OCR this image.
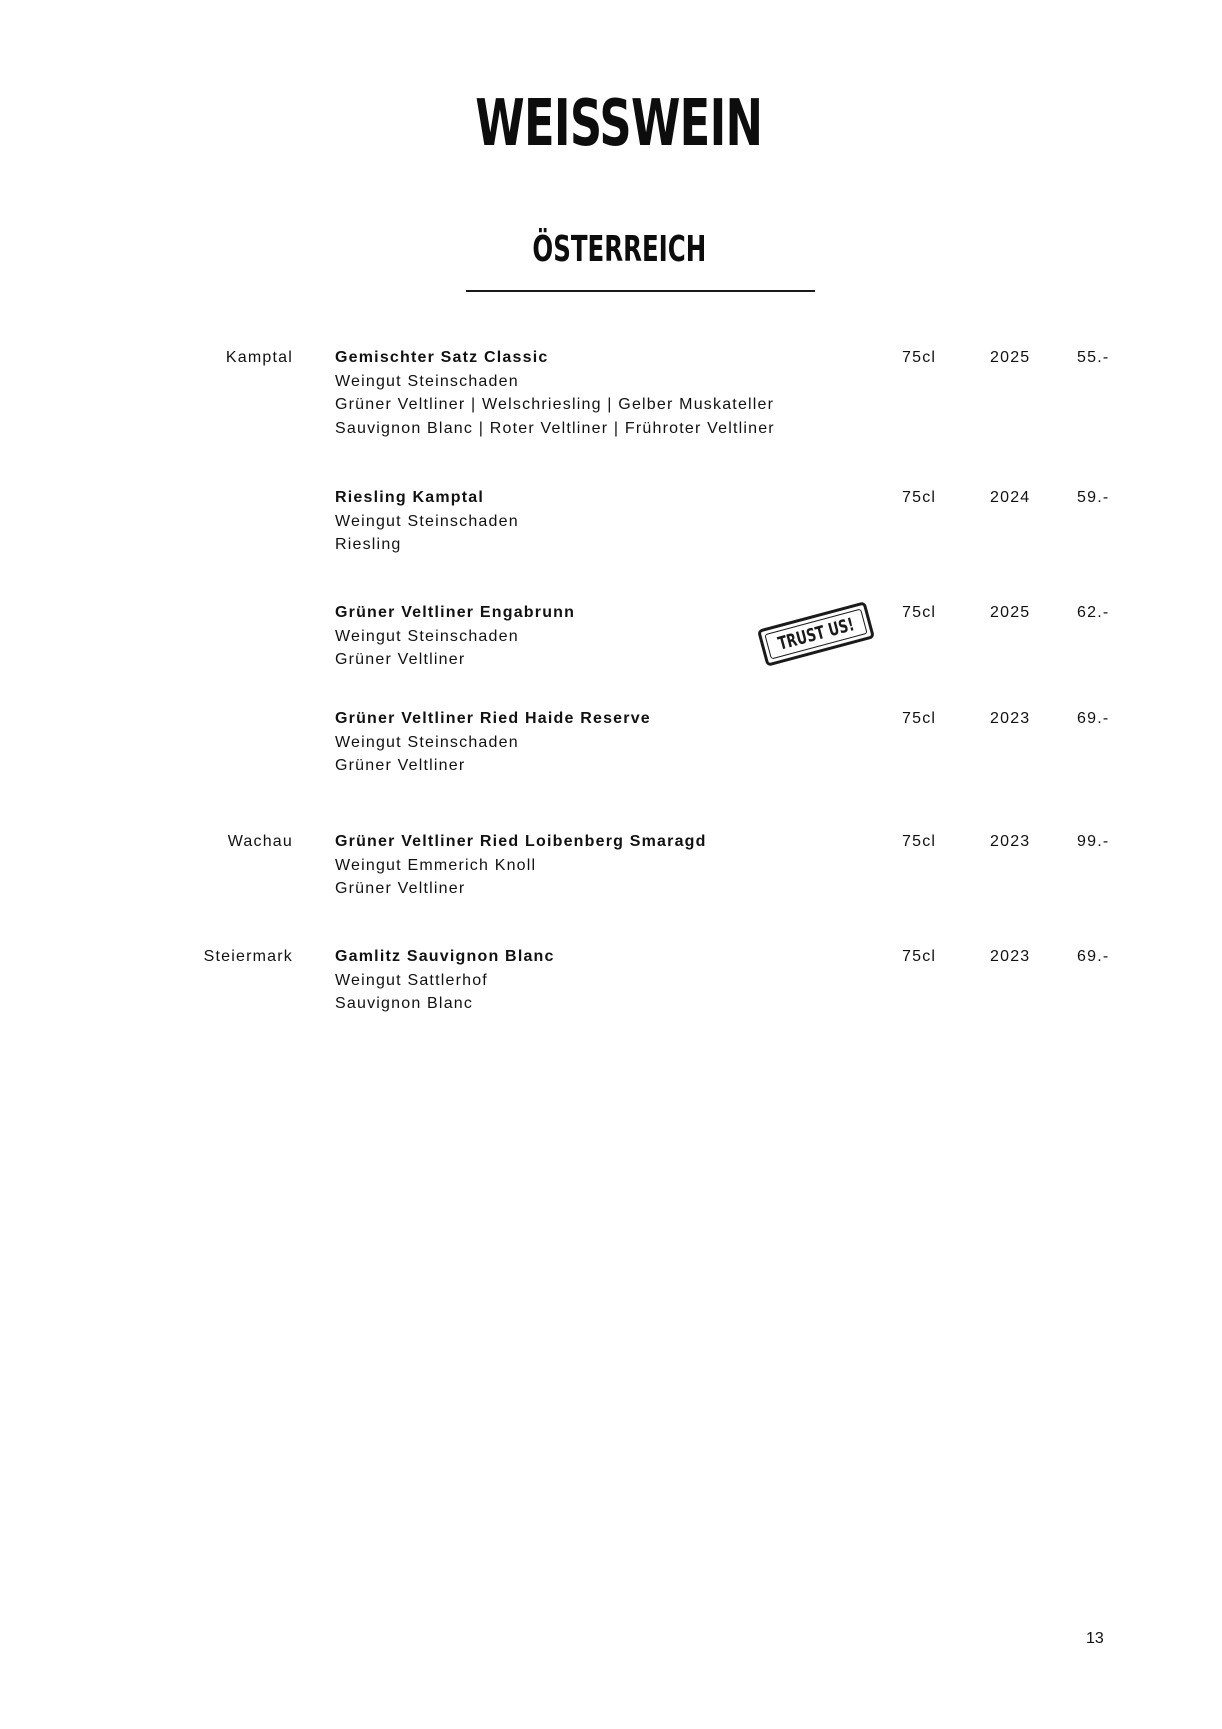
WEISSWEIN
ÖSTERREICH
Kamptal	Gemischter Satz Classic
Weingut Steinschaden
Grüner Veltliner | Welschriesling | Gelber Muskateller
Sauvignon Blanc | Roter Veltliner | Frühroter Veltliner
75cl	2025	55.-
Riesling Kamptal
Weingut Steinschaden
Riesling
75cl	2024	59.-
Grüner Veltliner Engabrunn
Weingut Steinschaden
Grüner Veltliner
75cl	2025	62.-
Grüner Veltliner Ried Haide Reserve
Weingut Steinschaden
Grüner Veltliner
75cl	2023	69.-
Wachau	Grüner Veltliner Ried Loibenberg Smaragd
Weingut Emmerich Knoll
Grüner Veltliner
75cl	2023	99.-
Steiermark	Gamlitz Sauvignon Blanc
Weingut Sattlerhof
Sauvignon Blanc
75cl	2023	69.-
TRUST US!
13
